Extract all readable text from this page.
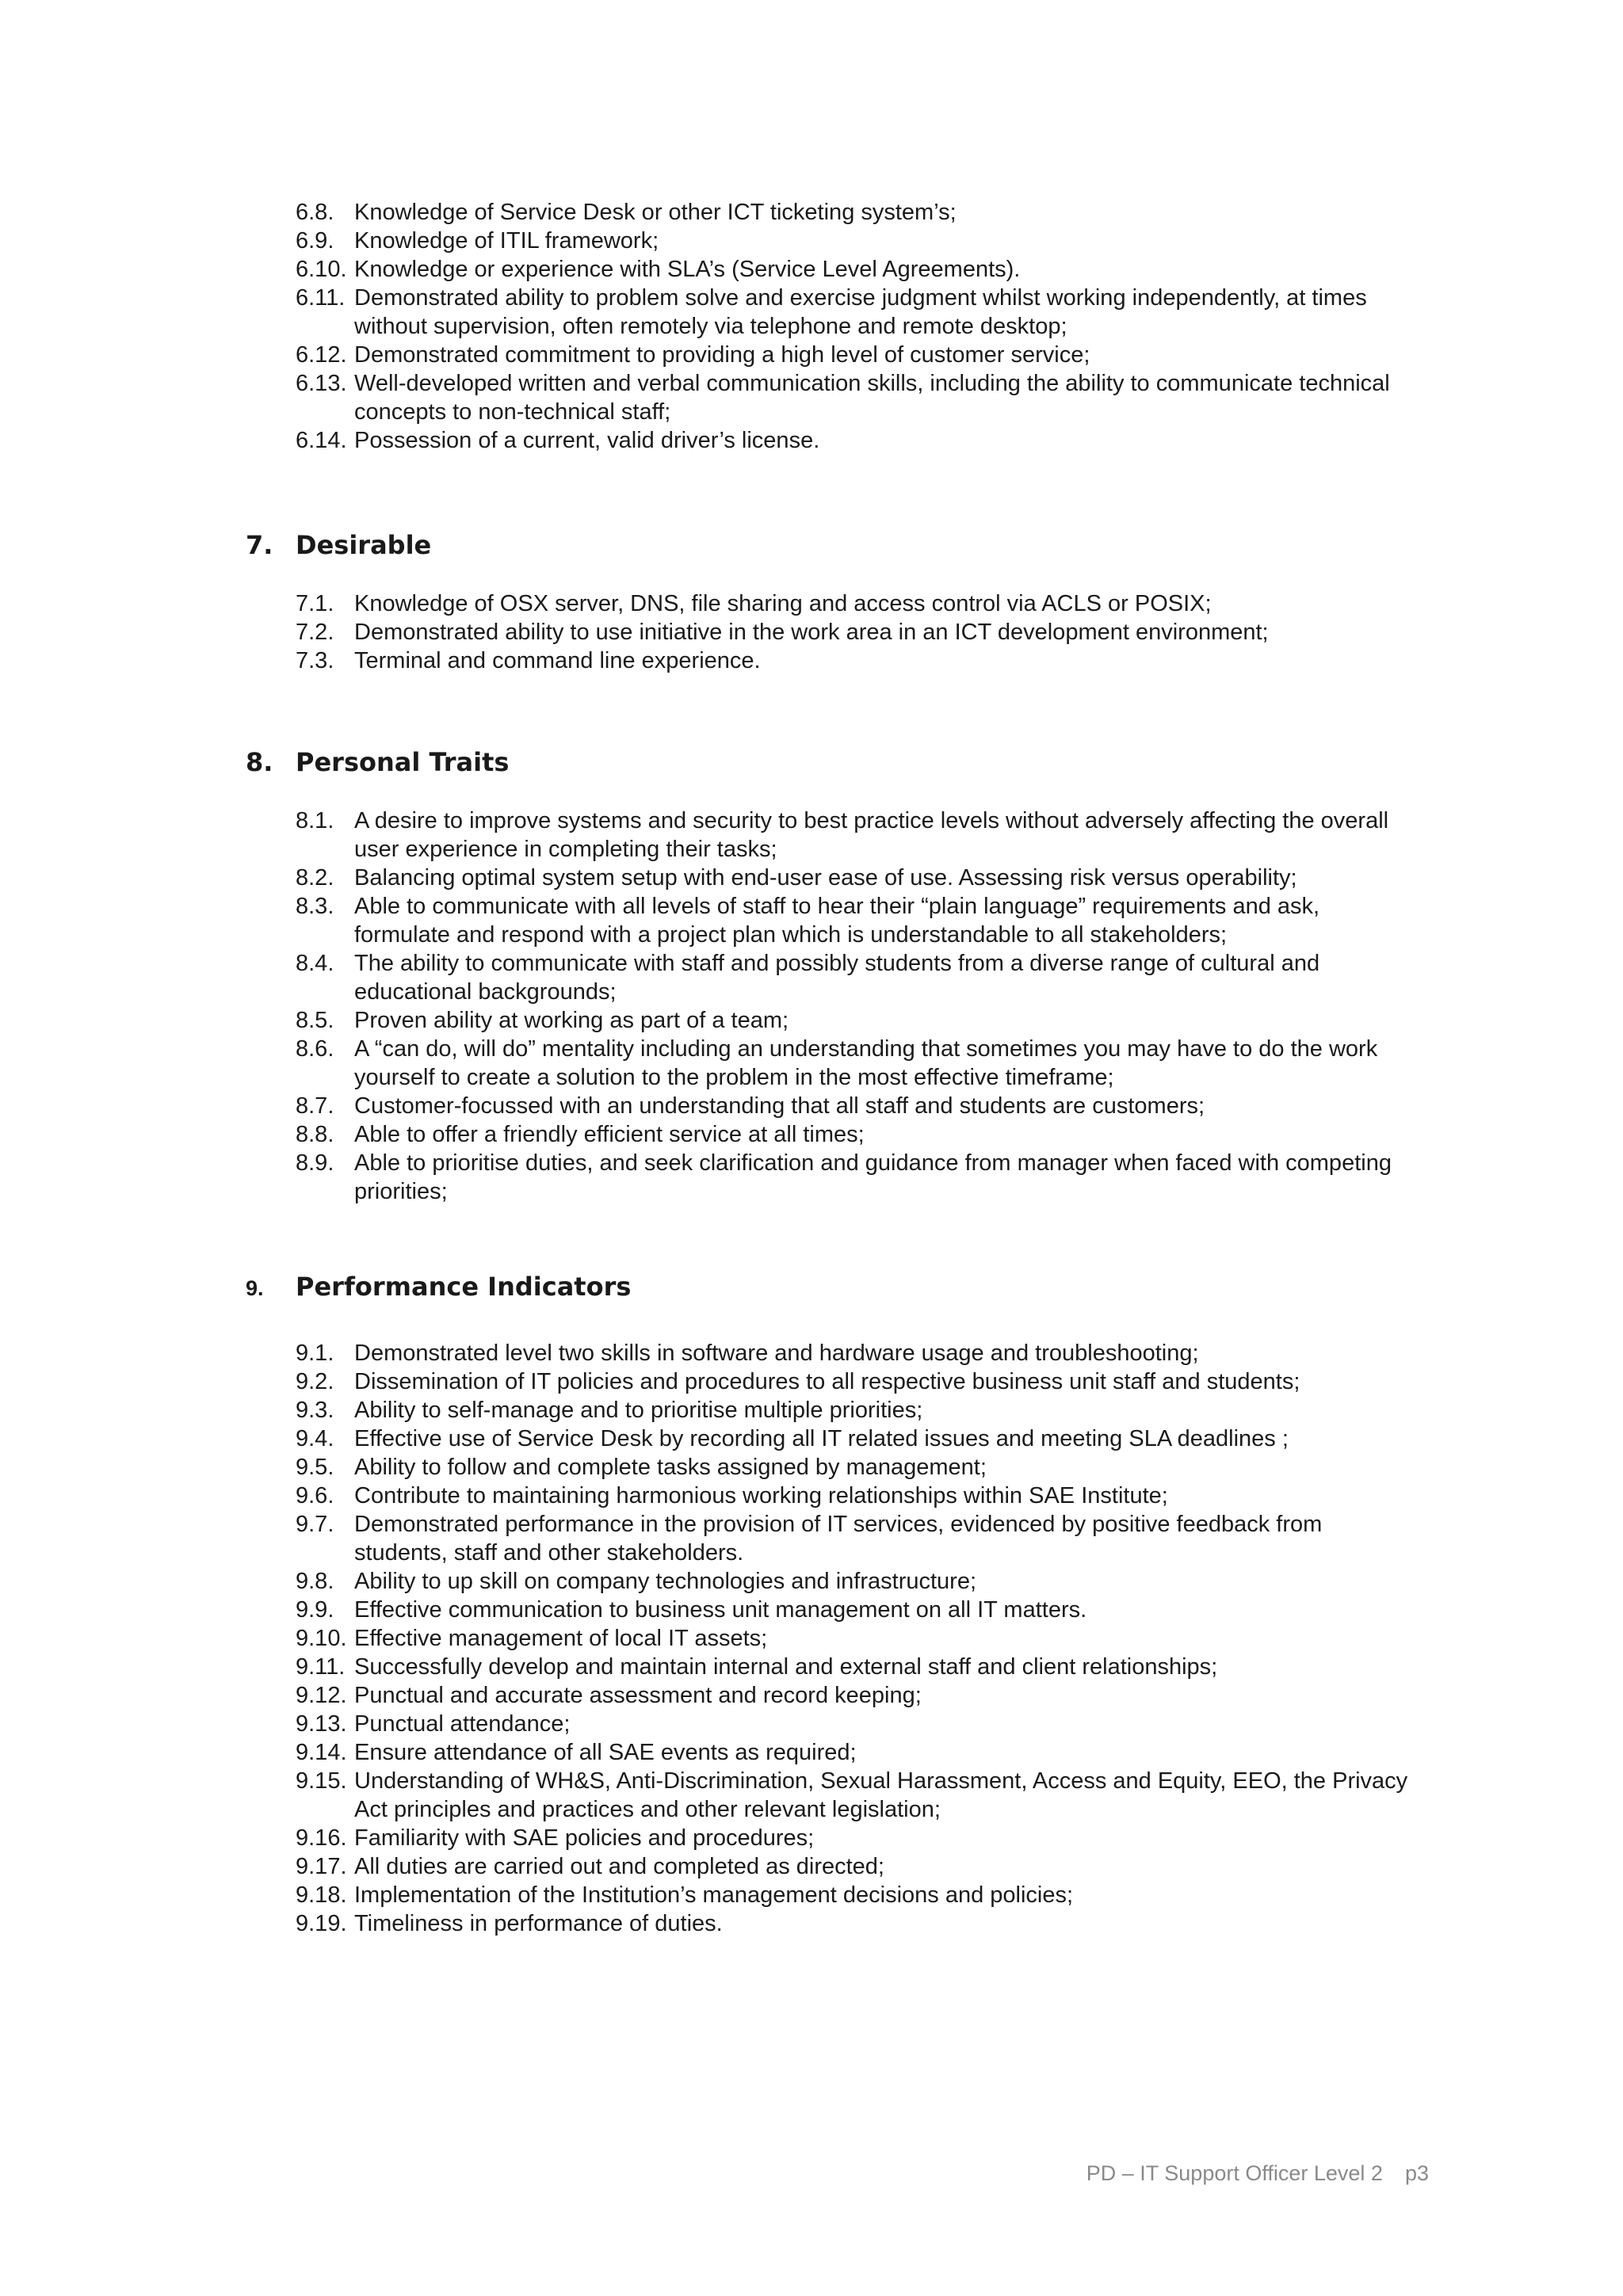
6.8. Knowledge of Service Desk or other ICT ticketing system’s;
6.9. Knowledge of ITIL framework;
6.10. Knowledge or experience with SLA’s (Service Level Agreements).
6.11. Demonstrated ability to problem solve and exercise judgment whilst working independently, at times without supervision, often remotely via telephone and remote desktop;
6.12. Demonstrated commitment to providing a high level of customer service;
6.13. Well-developed written and verbal communication skills, including the ability to communicate technical concepts to non-technical staff;
6.14. Possession of a current, valid driver’s license.
7. Desirable
7.1. Knowledge of OSX server, DNS, file sharing and access control via ACLS or POSIX;
7.2. Demonstrated ability to use initiative in the work area in an ICT development environment;
7.3. Terminal and command line experience.
8. Personal Traits
8.1. A desire to improve systems and security to best practice levels without adversely affecting the overall user experience in completing their tasks;
8.2. Balancing optimal system setup with end-user ease of use. Assessing risk versus operability;
8.3. Able to communicate with all levels of staff to hear their “plain language” requirements and ask, formulate and respond with a project plan which is understandable to all stakeholders;
8.4. The ability to communicate with staff and possibly students from a diverse range of cultural and educational backgrounds;
8.5. Proven ability at working as part of a team;
8.6. A “can do, will do” mentality including an understanding that sometimes you may have to do the work yourself to create a solution to the problem in the most effective timeframe;
8.7. Customer-focussed with an understanding that all staff and students are customers;
8.8. Able to offer a friendly efficient service at all times;
8.9. Able to prioritise duties, and seek clarification and guidance from manager when faced with competing priorities;
9. Performance Indicators
9.1. Demonstrated level two skills in software and hardware usage and troubleshooting;
9.2. Dissemination of IT policies and procedures to all respective business unit staff and students;
9.3. Ability to self-manage and to prioritise multiple priorities;
9.4. Effective use of Service Desk by recording all IT related issues and meeting SLA deadlines ;
9.5. Ability to follow and complete tasks assigned by management;
9.6. Contribute to maintaining harmonious working relationships within SAE Institute;
9.7. Demonstrated performance in the provision of IT services, evidenced by positive feedback from students, staff and other stakeholders.
9.8. Ability to up skill on company technologies and infrastructure;
9.9. Effective communication to business unit management on all IT matters.
9.10. Effective management of local IT assets;
9.11. Successfully develop and maintain internal and external staff and client relationships;
9.12. Punctual and accurate assessment and record keeping;
9.13. Punctual attendance;
9.14. Ensure attendance of all SAE events as required;
9.15. Understanding of WH&S, Anti-Discrimination, Sexual Harassment, Access and Equity, EEO, the Privacy Act principles and practices and other relevant legislation;
9.16. Familiarity with SAE policies and procedures;
9.17. All duties are carried out and completed as directed;
9.18. Implementation of the Institution’s management decisions and policies;
9.19. Timeliness in performance of duties.
PD – IT Support Officer Level 2 p3
